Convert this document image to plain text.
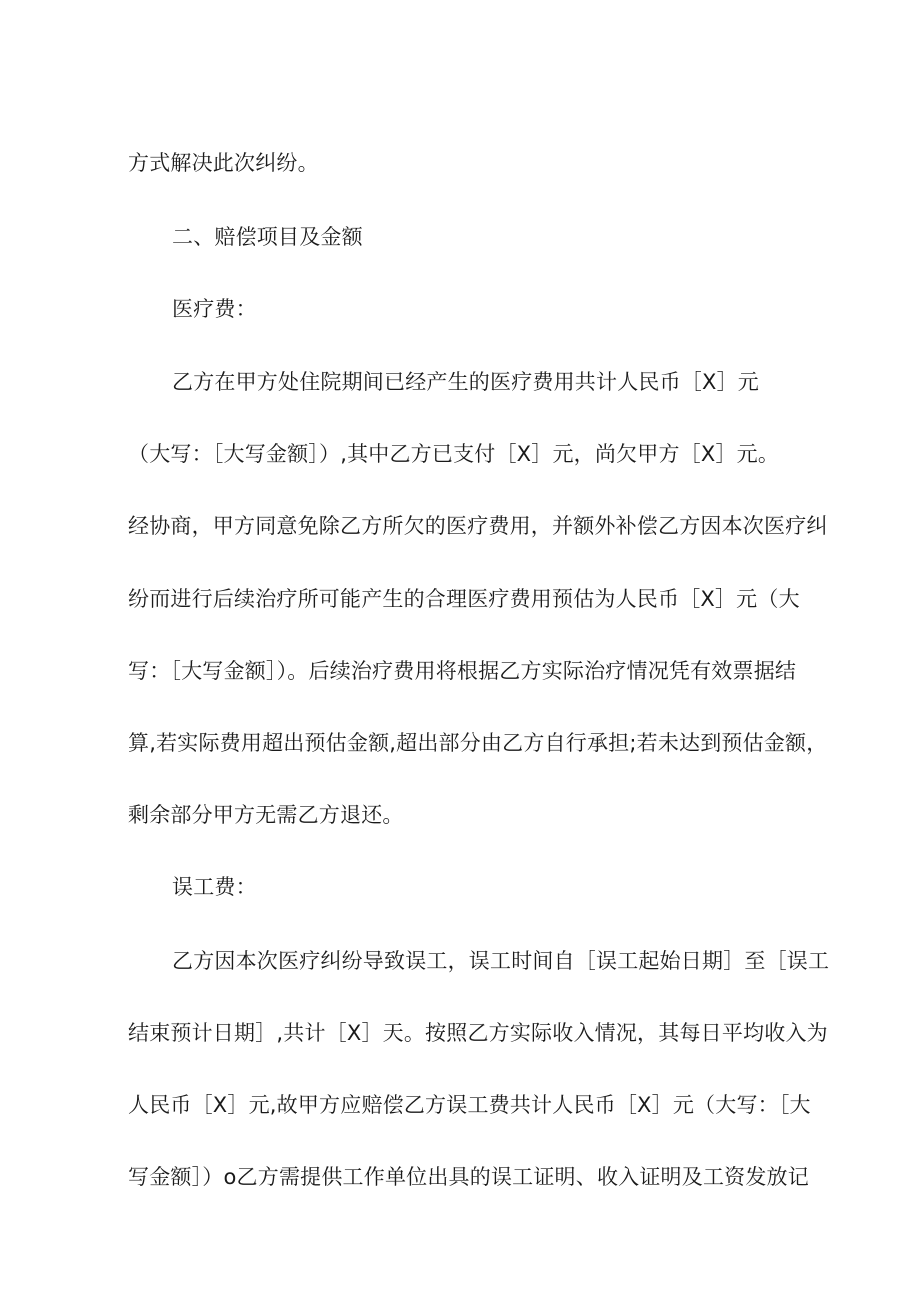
方式解决此次纠纷。
二、赔偿项目及金额
医疗费：
乙方在甲方处住院期间已经产生的医疗费用共计人民币［X］元
（大写：［大写金额］）,其中乙方已支付［X］元，尚欠甲方［X］元。
经协商，甲方同意免除乙方所欠的医疗费用，并额外补偿乙方因本次医疗纠
纷而进行后续治疗所可能产生的合理医疗费用预估为人民币［X］元（大
写：［大写金额］）。后续治疗费用将根据乙方实际治疗情况凭有效票据结
算,若实际费用超出预估金额,超出部分由乙方自行承担;若未达到预估金额，
剩余部分甲方无需乙方退还。
误工费：
乙方因本次医疗纠纷导致误工，误工时间自［误工起始日期］至［误工
结束预计日期］,共计［X］天。按照乙方实际收入情况，其每日平均收入为
人民币［X］元,故甲方应赔偿乙方误工费共计人民币［X］元（大写：［大
写金额］）o乙方需提供工作单位出具的误工证明、收入证明及工资发放记
